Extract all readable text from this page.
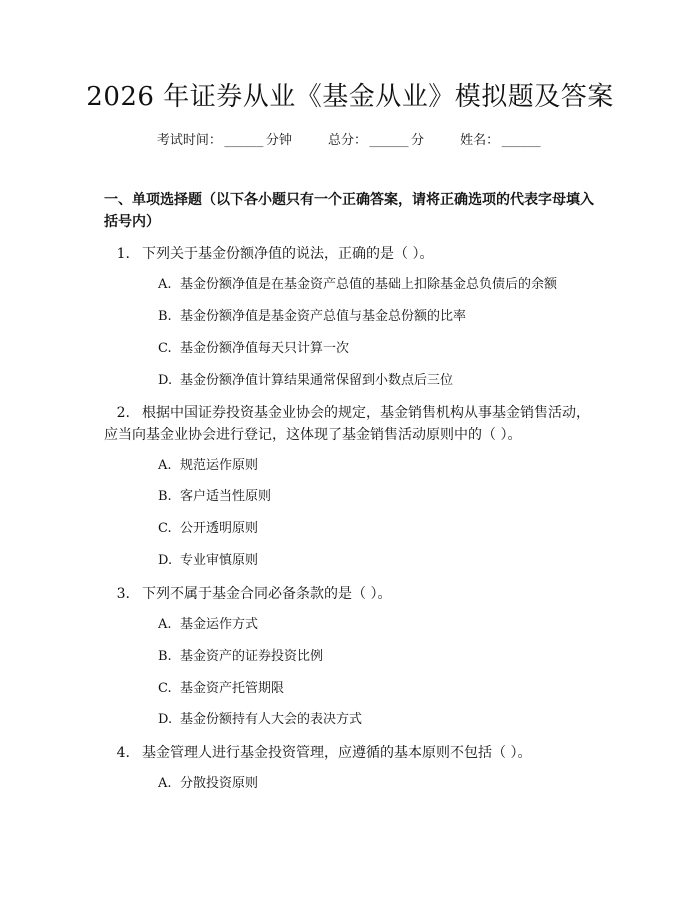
2026 年证券从业《基金从业》模拟题及答案
考试时间： ______ 分钟	总分： ______ 分	姓名： ______
一、单项选择题（以下各小题只有一个正确答案，请将正确选项的代表字母填入括号内）
1. 下列关于基金份额净值的说法，正确的是（ ）。
A. 基金份额净值是在基金资产总值的基础上扣除基金总负债后的余额
B. 基金份额净值是基金资产总值与基金总份额的比率
C. 基金份额净值每天只计算一次
D. 基金份额净值计算结果通常保留到小数点后三位
2. 根据中国证券投资基金业协会的规定，基金销售机构从事基金销售活动，应当向基金业协会进行登记，这体现了基金销售活动原则中的（ ）。
A. 规范运作原则
B. 客户适当性原则
C. 公开透明原则
D. 专业审慎原则
3. 下列不属于基金合同必备条款的是（ ）。
A. 基金运作方式
B. 基金资产的证券投资比例
C. 基金资产托管期限
D. 基金份额持有人大会的表决方式
4. 基金管理人进行基金投资管理，应遵循的基本原则不包括（ ）。
A. 分散投资原则
